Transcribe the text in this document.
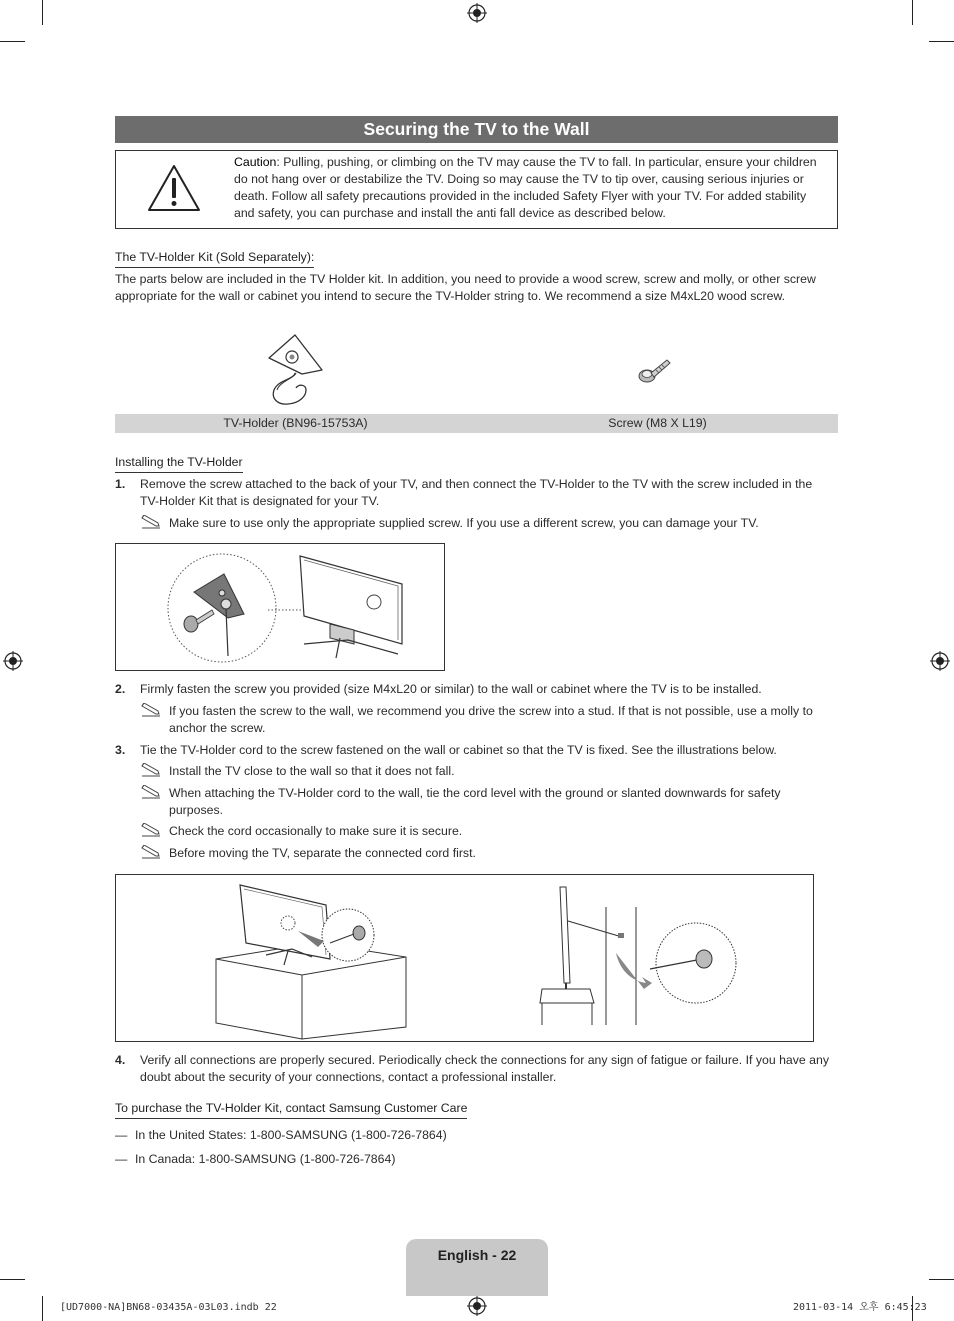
Securing the TV to the Wall
Caution: Pulling, pushing, or climbing on the TV may cause the TV to fall. In particular, ensure your children do not hang over or destabilize the TV. Doing so may cause the TV to tip over, causing serious injuries or death. Follow all safety precautions provided in the included Safety Flyer with your TV. For added stability and safety, you can purchase and install the anti fall device as described below.
The TV-Holder Kit (Sold Separately):
The parts below are included in the TV Holder kit. In addition, you need to provide a wood screw, screw and molly, or other screw appropriate for the wall or cabinet you intend to secure the TV-Holder string to. We recommend a size M4xL20 wood screw.
TV-Holder (BN96-15753A)	Screw (M8 X L19)
Installing the TV-Holder
1. Remove the screw attached to the back of your TV, and then connect the TV-Holder to the TV with the screw included in the TV-Holder Kit that is designated for your TV.
Make sure to use only the appropriate supplied screw. If you use a different screw, you can damage your TV.
2. Firmly fasten the screw you provided (size M4xL20 or similar) to the wall or cabinet where the TV is to be installed.
If you fasten the screw to the wall, we recommend you drive the screw into a stud. If that is not possible, use a molly to anchor the screw.
3. Tie the TV-Holder cord to the screw fastened on the wall or cabinet so that the TV is fixed. See the illustrations below.
Install the TV close to the wall so that it does not fall.
When attaching the TV-Holder cord to the wall, tie the cord level with the ground or slanted downwards for safety purposes.
Check the cord occasionally to make sure it is secure.
Before moving the TV, separate the connected cord first.
4. Verify all connections are properly secured. Periodically check the connections for any sign of fatigue or failure. If you have any doubt about the security of your connections, contact a professional installer.
To purchase the TV-Holder Kit, contact Samsung Customer Care
— In the United States: 1-800-SAMSUNG (1-800-726-7864)
— In Canada: 1-800-SAMSUNG (1-800-726-7864)
English - 22
[UD7000-NA]BN68-03435A-03L03.indb 22	2011-03-14 오후 6:45:23
